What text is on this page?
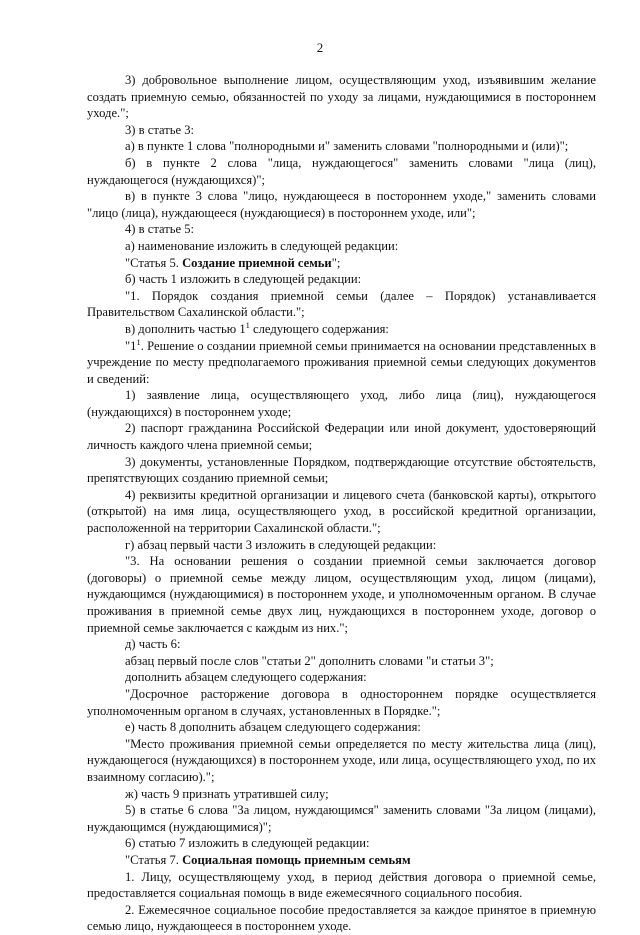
2

3) добровольное выполнение лицом, осуществляющим уход, изъявившим желание создать приемную семью, обязанностей по уходу за лицами, нуждающимися в постороннем уходе.";

3) в статье 3:

а) в пункте 1 слова "полнородными и" заменить словами "полнородными и (или)";

б) в пункте 2 слова "лица, нуждающегося" заменить словами "лица (лиц), нуждающегося (нуждающихся)";

в) в пункте 3 слова "лицо, нуждающееся в постороннем уходе," заменить словами "лицо (лица), нуждающееся (нуждающиеся) в постороннем уходе, или";

4) в статье 5:

а) наименование изложить в следующей редакции:

"Статья 5. Создание приемной семьи";

б) часть 1 изложить в следующей редакции:

"1. Порядок создания приемной семьи (далее – Порядок) устанавливается Правительством Сахалинской области.";

в) дополнить частью $1^1$ следующего содержания:

"$1^1$. Решение о создании приемной семьи принимается на основании представленных в учреждение по месту предполагаемого проживания приемной семьи следующих документов и сведений:

1) заявление лица, осуществляющего уход, либо лица (лиц), нуждающегося (нуждающихся) в постороннем уходе;

2) паспорт гражданина Российской Федерации или иной документ, удостоверяющий личность каждого члена приемной семьи;

3) документы, установленные Порядком, подтверждающие отсутствие обстоятельств, препятствующих созданию приемной семьи;

4) реквизиты кредитной организации и лицевого счета (банковской карты), открытого (открытой) на имя лица, осуществляющего уход, в российской кредитной организации, расположенной на территории Сахалинской области.";

г) абзац первый части 3 изложить в следующей редакции:

"3. На основании решения о создании приемной семьи заключается договор (договоры) о приемной семье между лицом, осуществляющим уход, лицом (лицами), нуждающимся (нуждающимися) в постороннем уходе, и уполномоченным органом. В случае проживания в приемной семье двух лиц, нуждающихся в постороннем уходе, договор о приемной семье заключается с каждым из них.";

д) часть 6:

абзац первый после слов "статьи 2" дополнить словами "и статьи 3";

дополнить абзацем следующего содержания:

"Досрочное расторжение договора в одностороннем порядке осуществляется уполномоченным органом в случаях, установленных в Порядке.";

е) часть 8 дополнить абзацем следующего содержания:

"Место проживания приемной семьи определяется по месту жительства лица (лиц), нуждающегося (нуждающихся) в постороннем уходе, или лица, осуществляющего уход, по их взаимному согласию).";

ж) часть 9 признать утратившей силу;

5) в статье 6 слова "За лицом, нуждающимся" заменить словами "За лицом (лицами), нуждающимся (нуждающимися)";

6) статью 7 изложить в следующей редакции:

"Статья 7. Социальная помощь приемным семьям

1. Лицу, осуществляющему уход, в период действия договора о приемной семье, предоставляется социальная помощь в виде ежемесячного социального пособия.

2. Ежемесячное социальное пособие предоставляется за каждое принятое в приемную семью лицо, нуждающееся в постороннем уходе.
